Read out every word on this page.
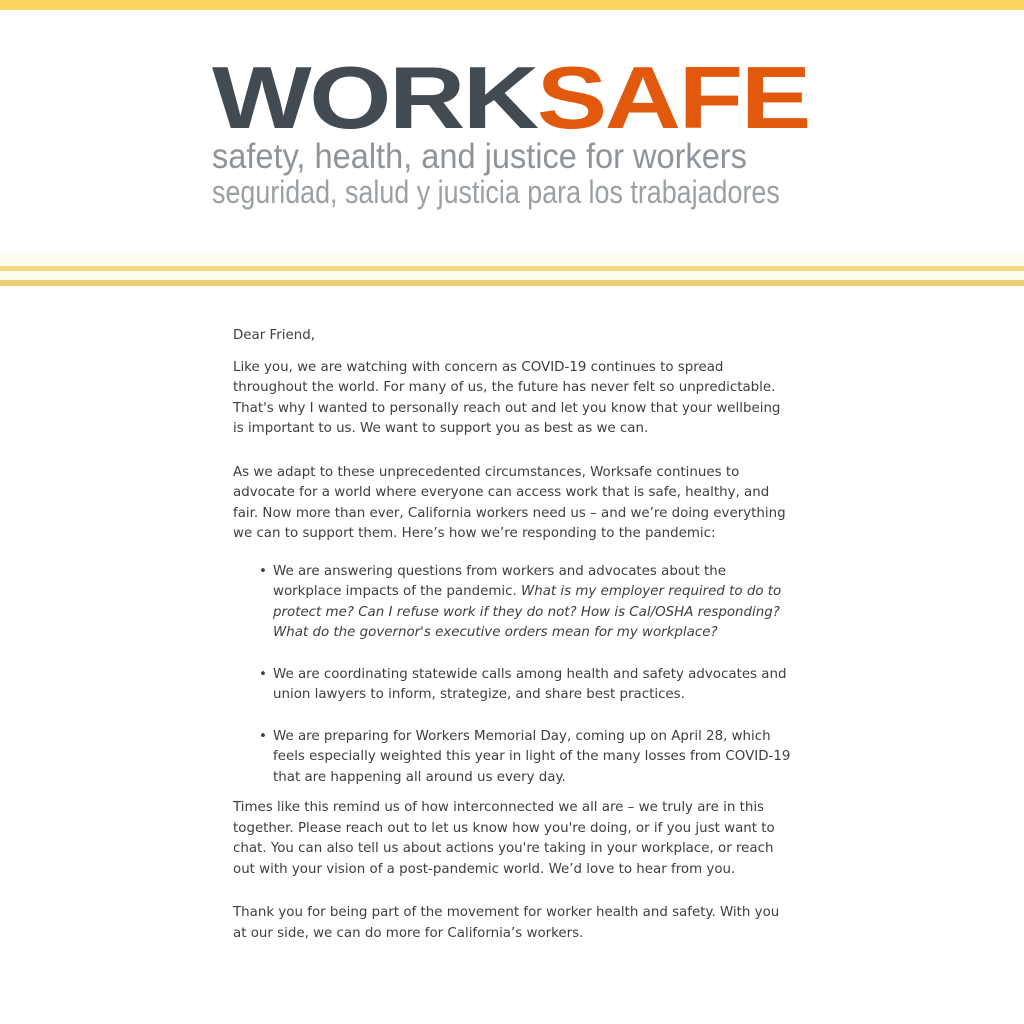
WORKSAFE
safety, health, and justice for workers
seguridad, salud y justicia para los trabajadores

Dear Friend,

Like you, we are watching with concern as COVID-19 continues to spread throughout the world. For many of us, the future has never felt so unpredictable. That's why I wanted to personally reach out and let you know that your wellbeing is important to us. We want to support you as best as we can.

As we adapt to these unprecedented circumstances, Worksafe continues to advocate for a world where everyone can access work that is safe, healthy, and fair. Now more than ever, California workers need us – and we’re doing everything we can to support them. Here’s how we’re responding to the pandemic:

• We are answering questions from workers and advocates about the workplace impacts of the pandemic. What is my employer required to do to protect me? Can I refuse work if they do not? How is Cal/OSHA responding? What do the governor's executive orders mean for my workplace?
• We are coordinating statewide calls among health and safety advocates and union lawyers to inform, strategize, and share best practices.
• We are preparing for Workers Memorial Day, coming up on April 28, which feels especially weighted this year in light of the many losses from COVID-19 that are happening all around us every day.

Times like this remind us of how interconnected we all are – we truly are in this together. Please reach out to let us know how you're doing, or if you just want to chat. You can also tell us about actions you're taking in your workplace, or reach out with your vision of a post-pandemic world. We’d love to hear from you.

Thank you for being part of the movement for worker health and safety. With you at our side, we can do more for California’s workers.
